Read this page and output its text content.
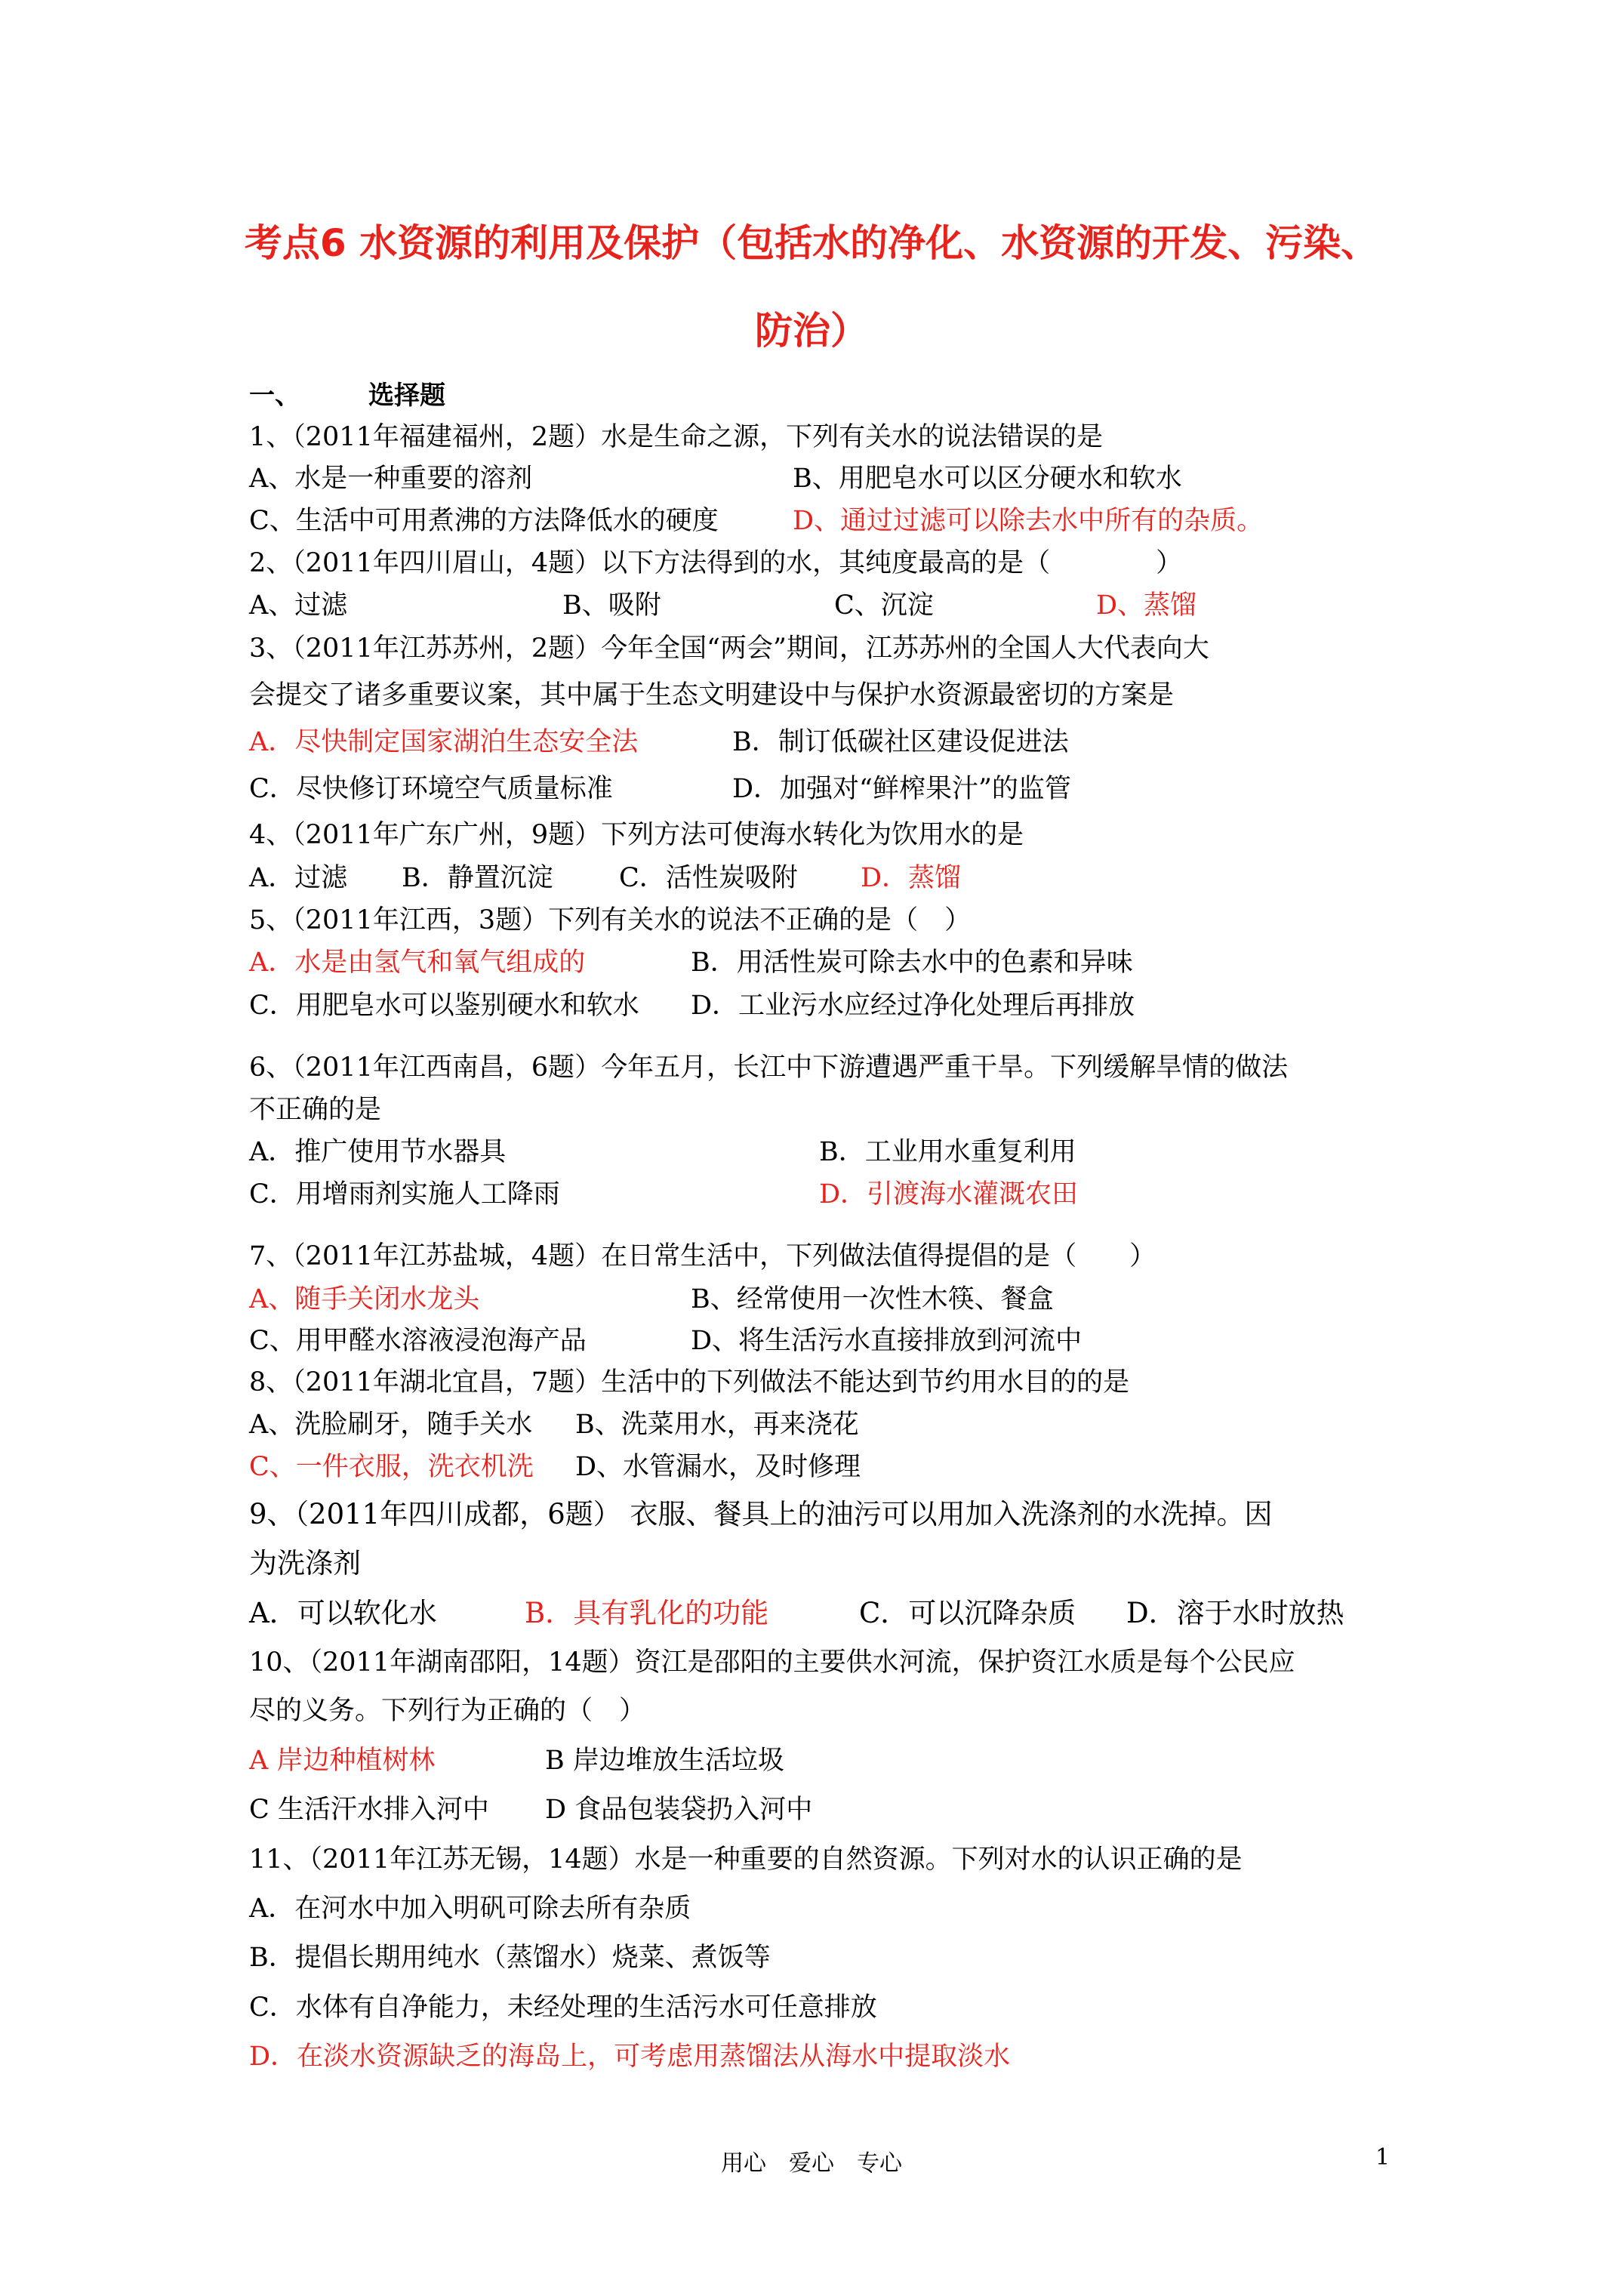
考点6 水资源的利用及保护（包括水的净化、水资源的开发、污染、
防治）
一、	选择题
1、（2011年福建福州，2题）水是生命之源，下列有关水的说法错误的是
A、水是一种重要的溶剂	B、用肥皂水可以区分硬水和软水
C、生活中可用煮沸的方法降低水的硬度	D、通过过滤可以除去水中所有的杂质。
2、（2011年四川眉山，4题）以下方法得到的水，其纯度最高的是（　　　　）
A、过滤	B、吸附	C、沉淀	D、蒸馏
3、（2011年江苏苏州，2题）今年全国“两会”期间，江苏苏州的全国人大代表向大
会提交了诸多重要议案，其中属于生态文明建设中与保护水资源最密切的方案是
A．尽快制定国家湖泊生态安全法	B．制订低碳社区建设促进法
C．尽快修订环境空气质量标准	D．加强对“鲜榨果汁”的监管
4、（2011年广东广州，9题）下列方法可使海水转化为饮用水的是
A．过滤 B．静置沉淀 C．活性炭吸附 D．蒸馏
5、（2011年江西，3题）下列有关水的说法不正确的是（　）
A．水是由氢气和氧气组成的	B．用活性炭可除去水中的色素和异味
C．用肥皂水可以鉴别硬水和软水 D．工业污水应经过净化处理后再排放
6、（2011年江西南昌，6题）今年五月，长江中下游遭遇严重干旱。下列缓解旱情的做法
不正确的是
A．推广使用节水器具	B．工业用水重复利用
C．用增雨剂实施人工降雨	D．引渡海水灌溉农田
7、（2011年江苏盐城，4题）在日常生活中，下列做法值得提倡的是（　　）
A、随手关闭水龙头	B、经常使用一次性木筷、餐盒
C、用甲醛水溶液浸泡海产品	D、将生活污水直接排放到河流中
8、（2011年湖北宜昌，7题）生活中的下列做法不能达到节约用水目的的是
A、洗脸刷牙，随手关水 B、洗菜用水，再来浇花
C、一件衣服，洗衣机洗 D、水管漏水，及时修理
9、（2011年四川成都，6题） 衣服、餐具上的油污可以用加入洗涤剂的水洗掉。因
为洗涤剂
A．可以软化水	B．具有乳化的功能	C．可以沉降杂质 D．溶于水时放热
10、（2011年湖南邵阳，14题）资江是邵阳的主要供水河流，保护资江水质是每个公民应
尽的义务。下列行为正确的（　）
A 岸边种植树林	B 岸边堆放生活垃圾
C 生活汗水排入河中 D 食品包装袋扔入河中
11、（2011年江苏无锡，14题）水是一种重要的自然资源。下列对水的认识正确的是
A．在河水中加入明矾可除去所有杂质
B．提倡长期用纯水（蒸馏水）烧菜、煮饭等
C．水体有自净能力，未经处理的生活污水可任意排放
D．在淡水资源缺乏的海岛上，可考虑用蒸馏法从海水中提取淡水
用心　爱心　专心	1
